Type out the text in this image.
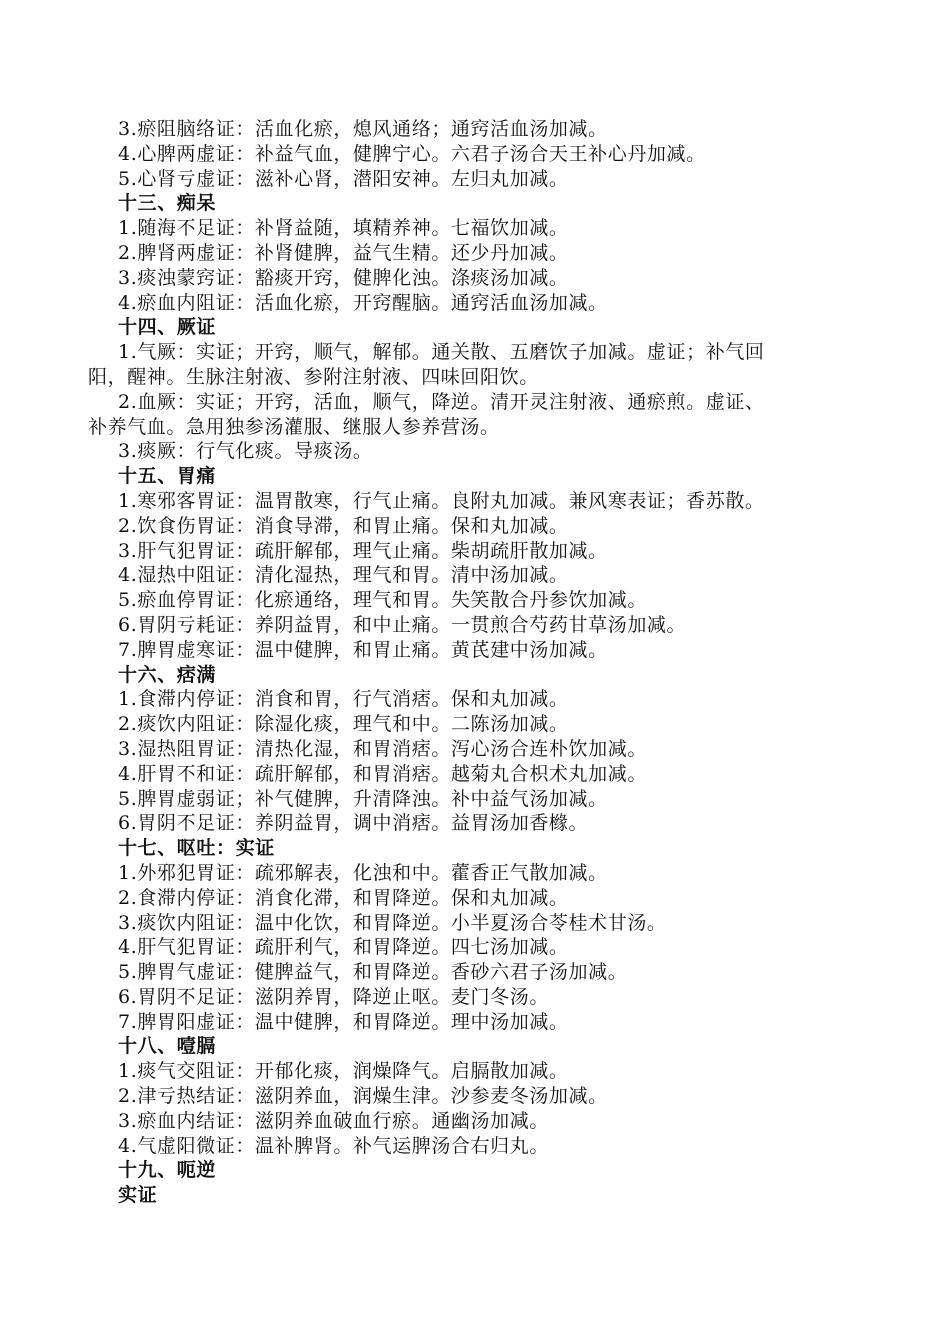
3.瘀阻脑络证：活血化瘀，熄风通络；通窍活血汤加减。
4.心脾两虚证：补益气血，健脾宁心。六君子汤合天王补心丹加减。
5.心肾亏虚证：滋补心肾，潜阳安神。左归丸加减。
十三、痴呆
1.随海不足证：补肾益随，填精养神。七福饮加减。
2.脾肾两虚证：补肾健脾，益气生精。还少丹加减。
3.痰浊蒙窍证：豁痰开窍，健脾化浊。涤痰汤加减。
4.瘀血内阻证：活血化瘀，开窍醒脑。通窍活血汤加减。
十四、厥证
1.气厥：实证；开窍，顺气，解郁。通关散、五磨饮子加减。虚证；补气回
阳，醒神。生脉注射液、参附注射液、四味回阳饮。
2.血厥：实证；开窍，活血，顺气，降逆。清开灵注射液、通瘀煎。虚证、
补养气血。急用独参汤灌服、继服人参养营汤。
3.痰厥：行气化痰。导痰汤。
十五、胃痛
1.寒邪客胃证：温胃散寒，行气止痛。良附丸加减。兼风寒表证；香苏散。
2.饮食伤胃证：消食导滞，和胃止痛。保和丸加减。
3.肝气犯胃证：疏肝解郁，理气止痛。柴胡疏肝散加减。
4.湿热中阻证：清化湿热，理气和胃。清中汤加减。
5.瘀血停胃证：化瘀通络，理气和胃。失笑散合丹参饮加减。
6.胃阴亏耗证：养阴益胃，和中止痛。一贯煎合芍药甘草汤加减。
7.脾胃虚寒证：温中健脾，和胃止痛。黄芪建中汤加减。
十六、痞满
1.食滞内停证：消食和胃，行气消痞。保和丸加减。
2.痰饮内阻证：除湿化痰，理气和中。二陈汤加减。
3.湿热阻胃证：清热化湿，和胃消痞。泻心汤合连朴饮加减。
4.肝胃不和证：疏肝解郁，和胃消痞。越菊丸合枳术丸加减。
5.脾胃虚弱证；补气健脾，升清降浊。补中益气汤加减。
6.胃阴不足证：养阴益胃，调中消痞。益胃汤加香橼。
十七、呕吐：实证
1.外邪犯胃证：疏邪解表，化浊和中。藿香正气散加减。
2.食滞内停证：消食化滞，和胃降逆。保和丸加减。
3.痰饮内阻证：温中化饮，和胃降逆。小半夏汤合苓桂术甘汤。
4.肝气犯胃证：疏肝利气，和胃降逆。四七汤加减。
5.脾胃气虚证：健脾益气，和胃降逆。香砂六君子汤加减。
6.胃阴不足证：滋阴养胃，降逆止呕。麦门冬汤。
7.脾胃阳虚证：温中健脾，和胃降逆。理中汤加减。
十八、噎膈
1.痰气交阻证：开郁化痰，润燥降气。启膈散加减。
2.津亏热结证：滋阴养血，润燥生津。沙参麦冬汤加减。
3.瘀血内结证：滋阴养血破血行瘀。通幽汤加减。
4.气虚阳微证：温补脾肾。补气运脾汤合右归丸。
十九、呃逆
实证
